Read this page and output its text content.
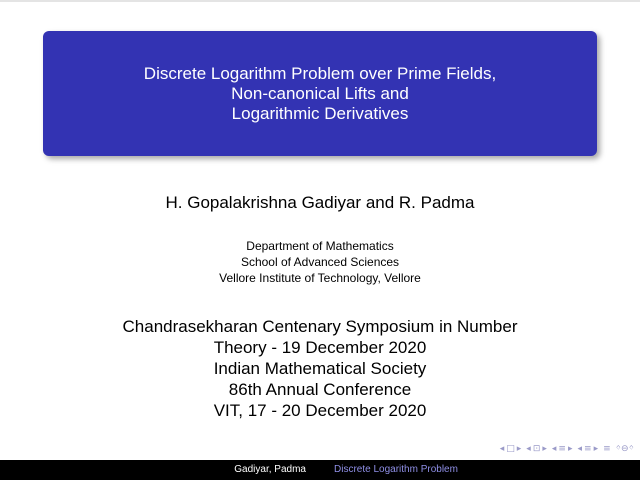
Discrete Logarithm Problem over Prime Fields,
Non-canonical Lifts and
Logarithmic Derivatives
H. Gopalakrishna Gadiyar and R. Padma
Department of Mathematics
School of Advanced Sciences
Vellore Institute of Technology, Vellore
Chandrasekharan Centenary Symposium in Number
Theory - 19 December 2020
Indian Mathematical Society
86th Annual Conference
VIT, 17 - 20 December 2020
◂ □ ▸ ◂ ⊡ ▸ ◂ ≡ ▸ ◂ ≡ ▸ ≡ ᛜ⊖ᛜ
Gadiyar, Padma	Discrete Logarithm Problem
